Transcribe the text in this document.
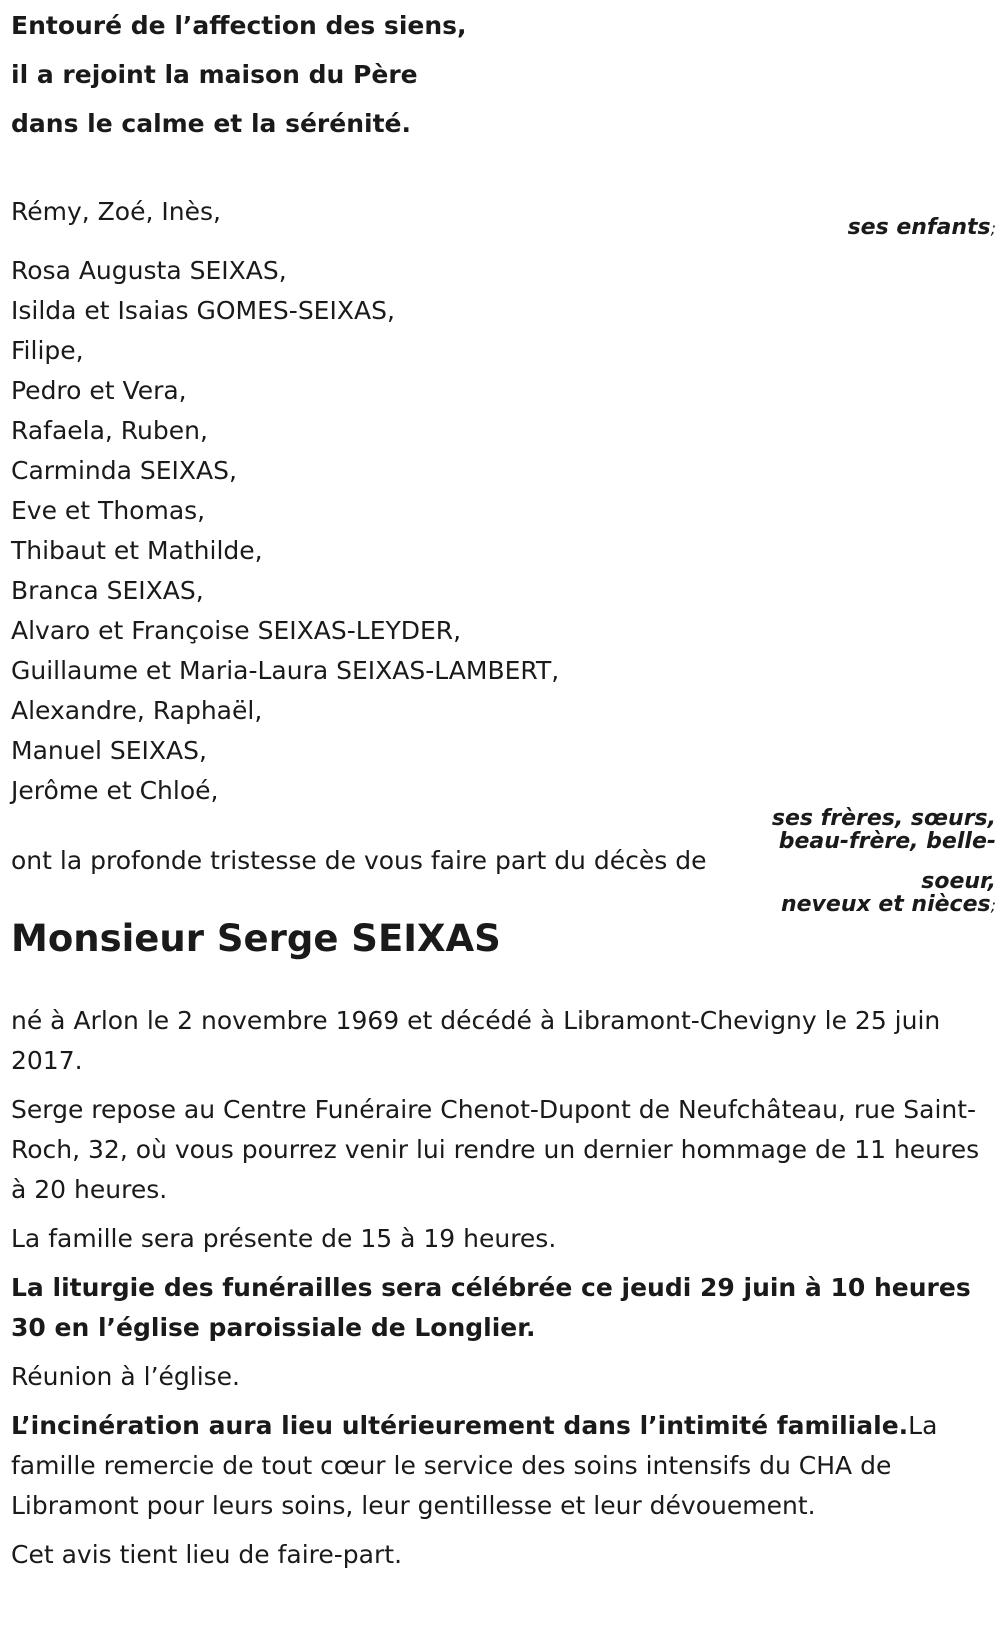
Entouré de l’affection des siens,
il a rejoint la maison du Père
dans le calme et la sérénité.
Rémy, Zoé, Inès,
Rosa Augusta SEIXAS,
Isilda et Isaias GOMES-SEIXAS,
Filipe,
Pedro et Vera,
Rafaela, Ruben,
Carminda SEIXAS,
Eve et Thomas,
Thibaut et Mathilde,
Branca SEIXAS,
Alvaro et Françoise SEIXAS-LEYDER,
Guillaume et Maria-Laura SEIXAS-LAMBERT,
Alexandre, Raphaël,
Manuel SEIXAS,
Jerôme et Chloé,
ses enfants;
ses frères, sœurs,
beau-frère, belle-
soeur,
neveux et nièces;
ont la profonde tristesse de vous faire part du décès de
Monsieur Serge SEIXAS

né à Arlon le 2 novembre 1969 et décédé à Libramont-Chevigny le 25 juin 2017.

Serge repose au Centre Funéraire Chenot-Dupont de Neufchâteau, rue Saint-Roch, 32, où vous pourrez venir lui rendre un dernier hommage de 11 heures à 20 heures.

La famille sera présente de 15 à 19 heures.

La liturgie des funérailles sera célébrée ce jeudi 29 juin à 10 heures 30 en l’église paroissiale de Longlier.

Réunion à l’église.

L’incinération aura lieu ultérieurement dans l’intimité familiale.La famille remercie de tout cœur le service des soins intensifs du CHA de Libramont pour leurs soins, leur gentillesse et leur dévouement.

Cet avis tient lieu de faire-part.
